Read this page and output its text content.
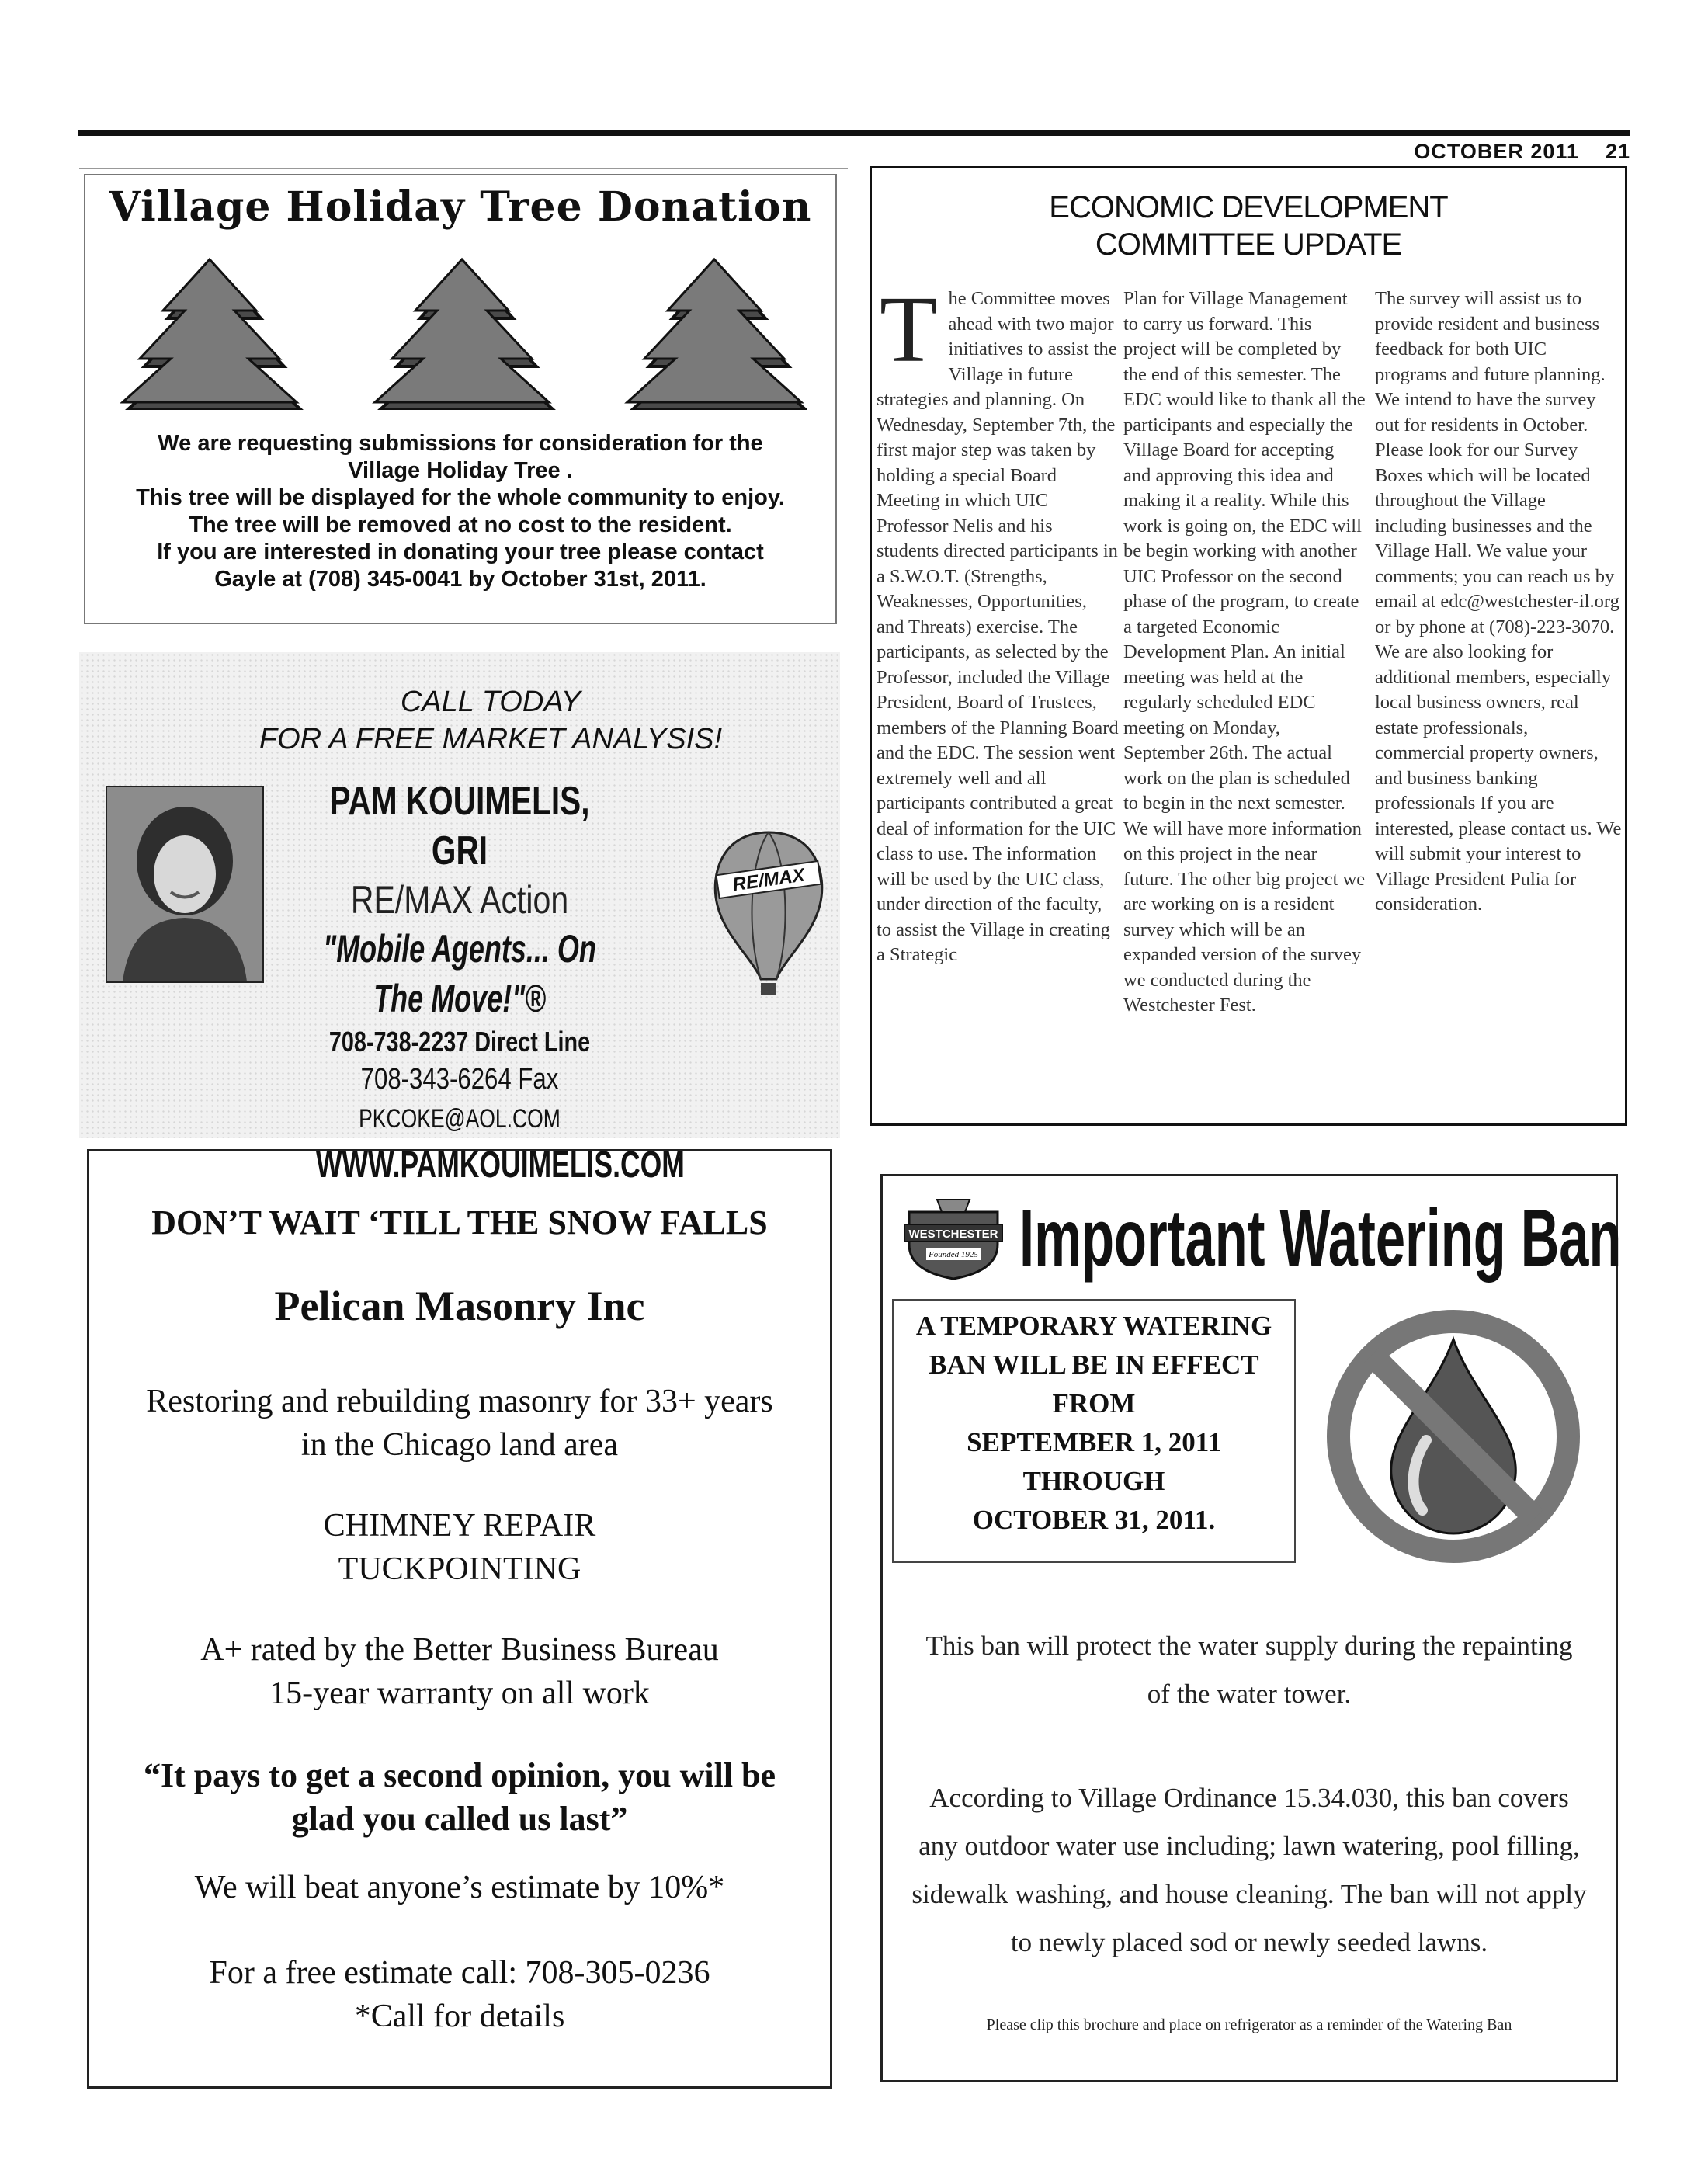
OCTOBER 2011 21
Village Holiday Tree Donation
We are requesting submissions for consideration for the
Village Holiday Tree .
This tree will be displayed for the whole community to enjoy.
The tree will be removed at no cost to the resident.
If you are interested in donating your tree please contact
Gayle at (708) 345-0041 by October 31st, 2011.
CALL TODAY
FOR A FREE MARKET ANALYSIS!
PAM KOUIMELIS, GRI
RE/MAX Action
"Mobile Agents... On The Move!"®
708-738-2237 Direct Line
708-343-6264 Fax
PKCOKE@AOL.COM
WWW.PAMKOUIMELIS.COM
RE/MAX
ECONOMIC DEVELOPMENT
COMMITTEE UPDATE
T he Committee moves ahead with two major initiatives to assist the Village in future strategies and planning. On Wednesday, September 7th, the first major step was taken by holding a special Board Meeting in which UIC Professor Nelis and his students directed participants in a S.W.O.T. (Strengths, Weaknesses, Opportunities, and Threats) exercise. The participants, as selected by the Professor, included the Village President, Board of Trustees, members of the Planning Board and the EDC. The session went extremely well and all participants contributed a great deal of information for the UIC class to use. The information will be used by the UIC class, under direction of the faculty, to assist the Village in creating a Strategic

Plan for Village Management to carry us forward. This project will be completed by the end of this semester. The EDC would like to thank all the participants and especially the Village Board for accepting and approving this idea and making it a reality. While this work is going on, the EDC will be begin working with another UIC Professor on the second phase of the program, to create a targeted Economic Development Plan. An initial meeting was held at the regularly scheduled EDC meeting on Monday, September 26th. The actual work on the plan is scheduled to begin in the next semester. We will have more information on this project in the near future. The other big project we are working on is a resident survey which will be an expanded version of the survey we conducted during the Westchester Fest.

The survey will assist us to provide resident and business feedback for both UIC programs and future planning. We intend to have the survey out for residents in October. Please look for our Survey Boxes which will be located throughout the Village including businesses and the Village Hall. We value your comments; you can reach us by email at edc@westchester-il.org or by phone at (708)-223-3070. We are also looking for additional members, especially local business owners, real estate professionals, commercial property owners, and business banking professionals If you are interested, please contact us. We will submit your interest to Village President Pulia for consideration.

DON’T WAIT ‘TILL THE SNOW FALLS
Pelican Masonry Inc
Restoring and rebuilding masonry for 33+ years
in the Chicago land area
CHIMNEY REPAIR
TUCKPOINTING
A+ rated by the Better Business Bureau
15-year warranty on all work
“It pays to get a second opinion, you will be
glad you called us last”
We will beat anyone’s estimate by 10%*
For a free estimate call: 708-305-0236
*Call for details
WESTCHESTER
Founded 1925 Important Watering Ban
A TEMPORARY WATERING
BAN WILL BE IN EFFECT
FROM
SEPTEMBER 1, 2011
THROUGH
OCTOBER 31, 2011.
This ban will protect the water supply during the repainting
of the water tower.
According to Village Ordinance 15.34.030, this ban covers
any outdoor water use including; lawn watering, pool filling,
sidewalk washing, and house cleaning. The ban will not apply
to newly placed sod or newly seeded lawns.
Please clip this brochure and place on refrigerator as a reminder of the Watering Ban
